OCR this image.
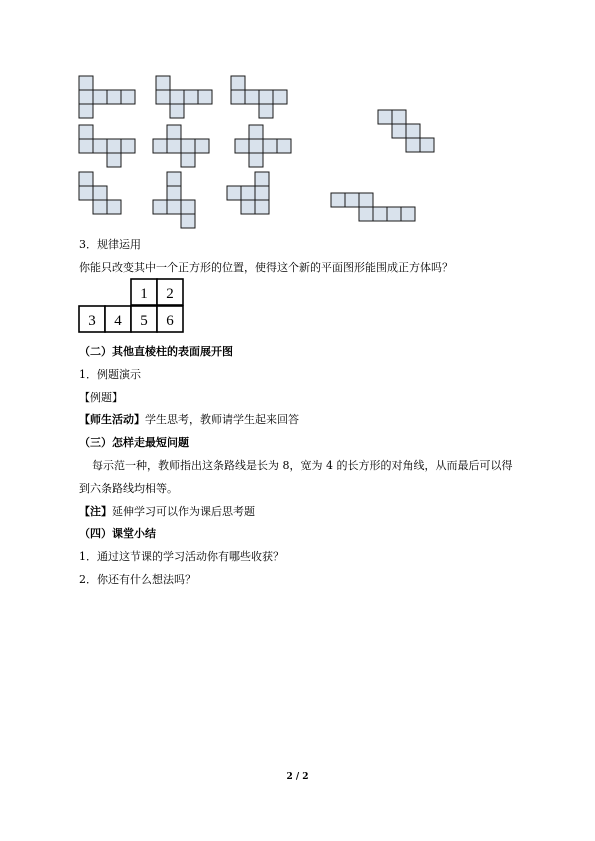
3．规律运用
你能只改变其中一个正方形的位置，使得这个新的平面图形能围成正方体吗？
1 2
3 4 5 6
（二）其他直棱柱的表面展开图
1．例题演示
【例题】
【师生活动】学生思考，教师请学生起来回答
（三）怎样走最短问题
每示范一种，教师指出这条路线是长为 8，宽为 4 的长方形的对角线，从而最后可以得
到六条路线均相等。
【注】延伸学习可以作为课后思考题
（四）课堂小结
1．通过这节课的学习活动你有哪些收获？
2．你还有什么想法吗？
2 / 2
